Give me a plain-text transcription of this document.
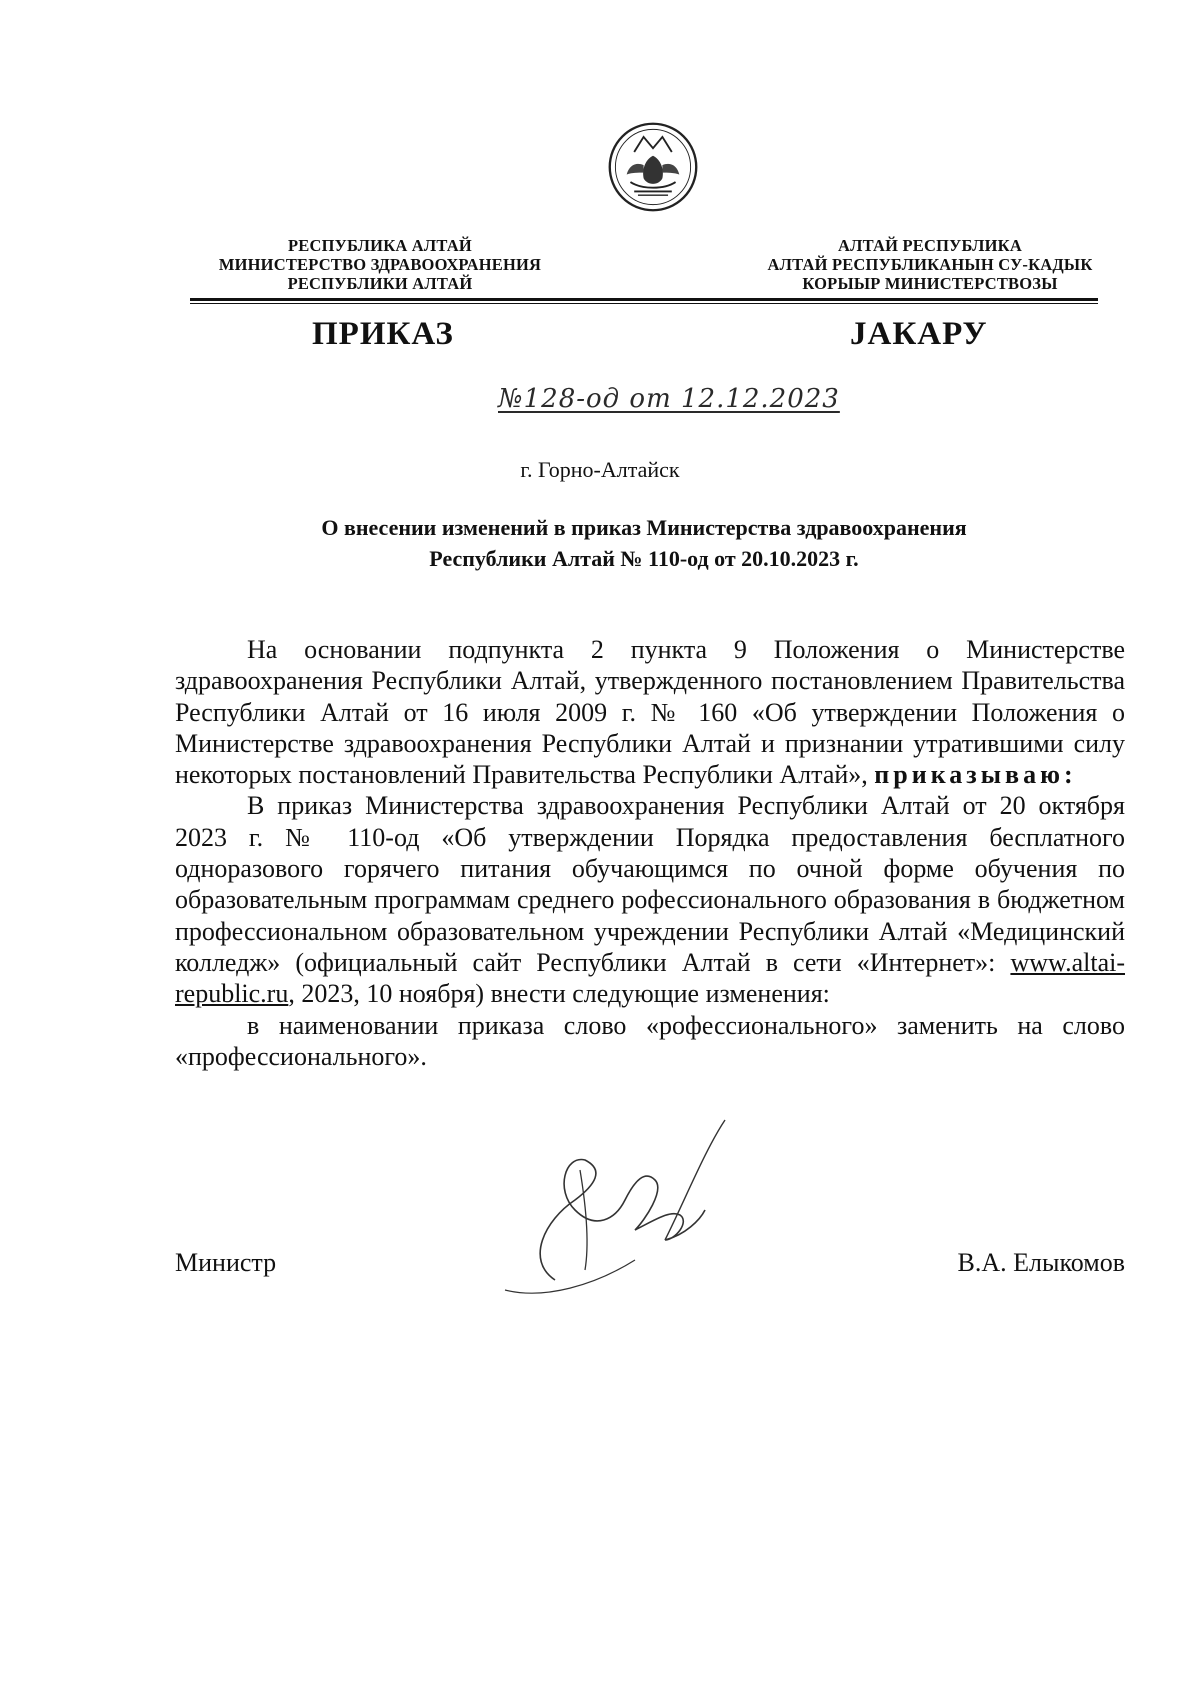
РЕСПУБЛИКА АЛТАЙ
МИНИСТЕРСТВО ЗДРАВООХРАНЕНИЯ
РЕСПУБЛИКИ АЛТАЙ
АЛТАЙ РЕСПУБЛИКА
АЛТАЙ РЕСПУБЛИКАНЫН СУ-КАДЫК
КОРЫЫР МИНИСТЕРСТВОЗЫ
ПРИКАЗ	JАКАРУ
№128-од от 12.12.2023
г. Горно-Алтайск
О внесении изменений в приказ Министерства здравоохранения
Республики Алтай № 110-од от 20.10.2023 г.

На основании подпункта 2 пункта 9 Положения о Министерстве здравоохранения Республики Алтай, утвержденного постановлением Правительства Республики Алтай от 16 июля 2009 г. № 160 «Об утверждении Положения о Министерстве здравоохранения Республики Алтай и признании утратившими силу некоторых постановлений Правительства Республики Алтай», приказываю:

В приказ Министерства здравоохранения Республики Алтай от 20 октября 2023 г. № 110-од «Об утверждении Порядка предоставления бесплатного одноразового горячего питания обучающимся по очной форме обучения по образовательным программам среднего рофессионального образования в бюджетном профессиональном образовательном учреждении Республики Алтай «Медицинский колледж» (официальный сайт Республики Алтай в сети «Интернет»: www.altai-republic.ru, 2023, 10 ноября) внести следующие изменения:

в наименовании приказа слово «рофессионального» заменить на слово «профессионального».

Министр	В.А. Елыкомов
